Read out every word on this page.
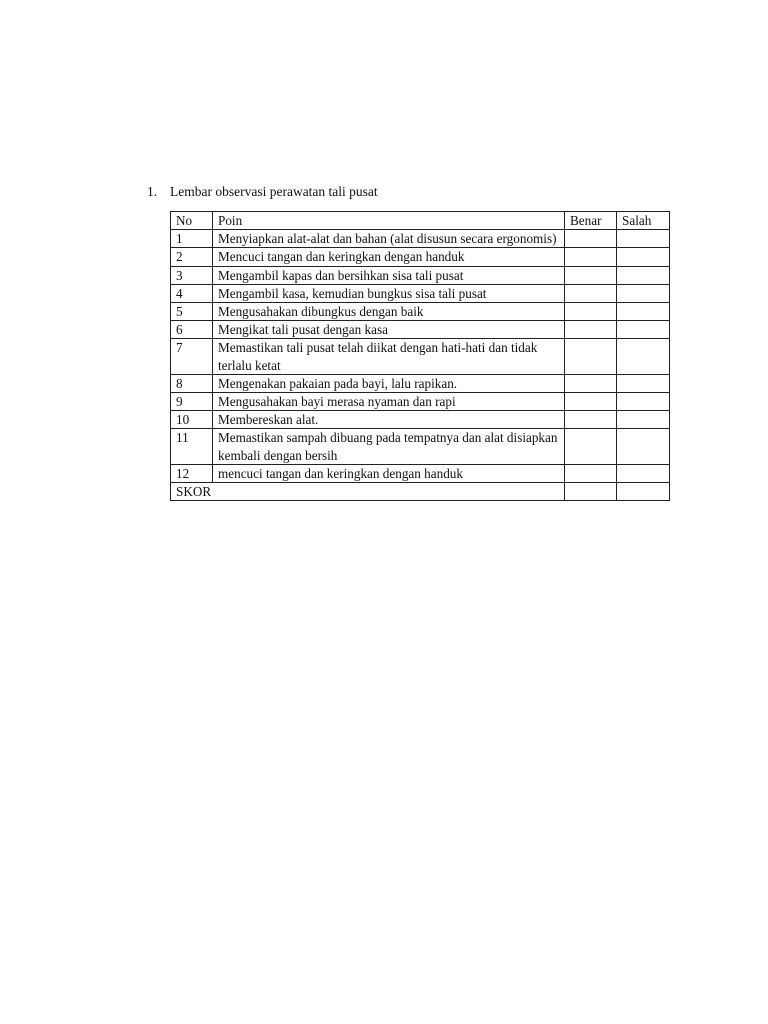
1. Lembar observasi perawatan tali pusat
No	Poin	Benar	Salah
1	Menyiapkan alat-alat dan bahan (alat disusun secara ergonomis)		
2	Mencuci tangan dan keringkan dengan handuk		
3	Mengambil kapas dan bersihkan sisa tali pusat		
4	Mengambil kasa, kemudian bungkus sisa tali pusat		
5	Mengusahakan dibungkus dengan baik		
6	Mengikat tali pusat dengan kasa		
7	Memastikan tali pusat telah diikat dengan hati-hati dan tidak terlalu ketat		
8	Mengenakan pakaian pada bayi, lalu rapikan.		
9	Mengusahakan bayi merasa nyaman dan rapi		
10	Membereskan alat.		
11	Memastikan sampah dibuang pada tempatnya dan alat disiapkan kembali dengan bersih		
12	mencuci tangan dan keringkan dengan handuk		
SKOR			
